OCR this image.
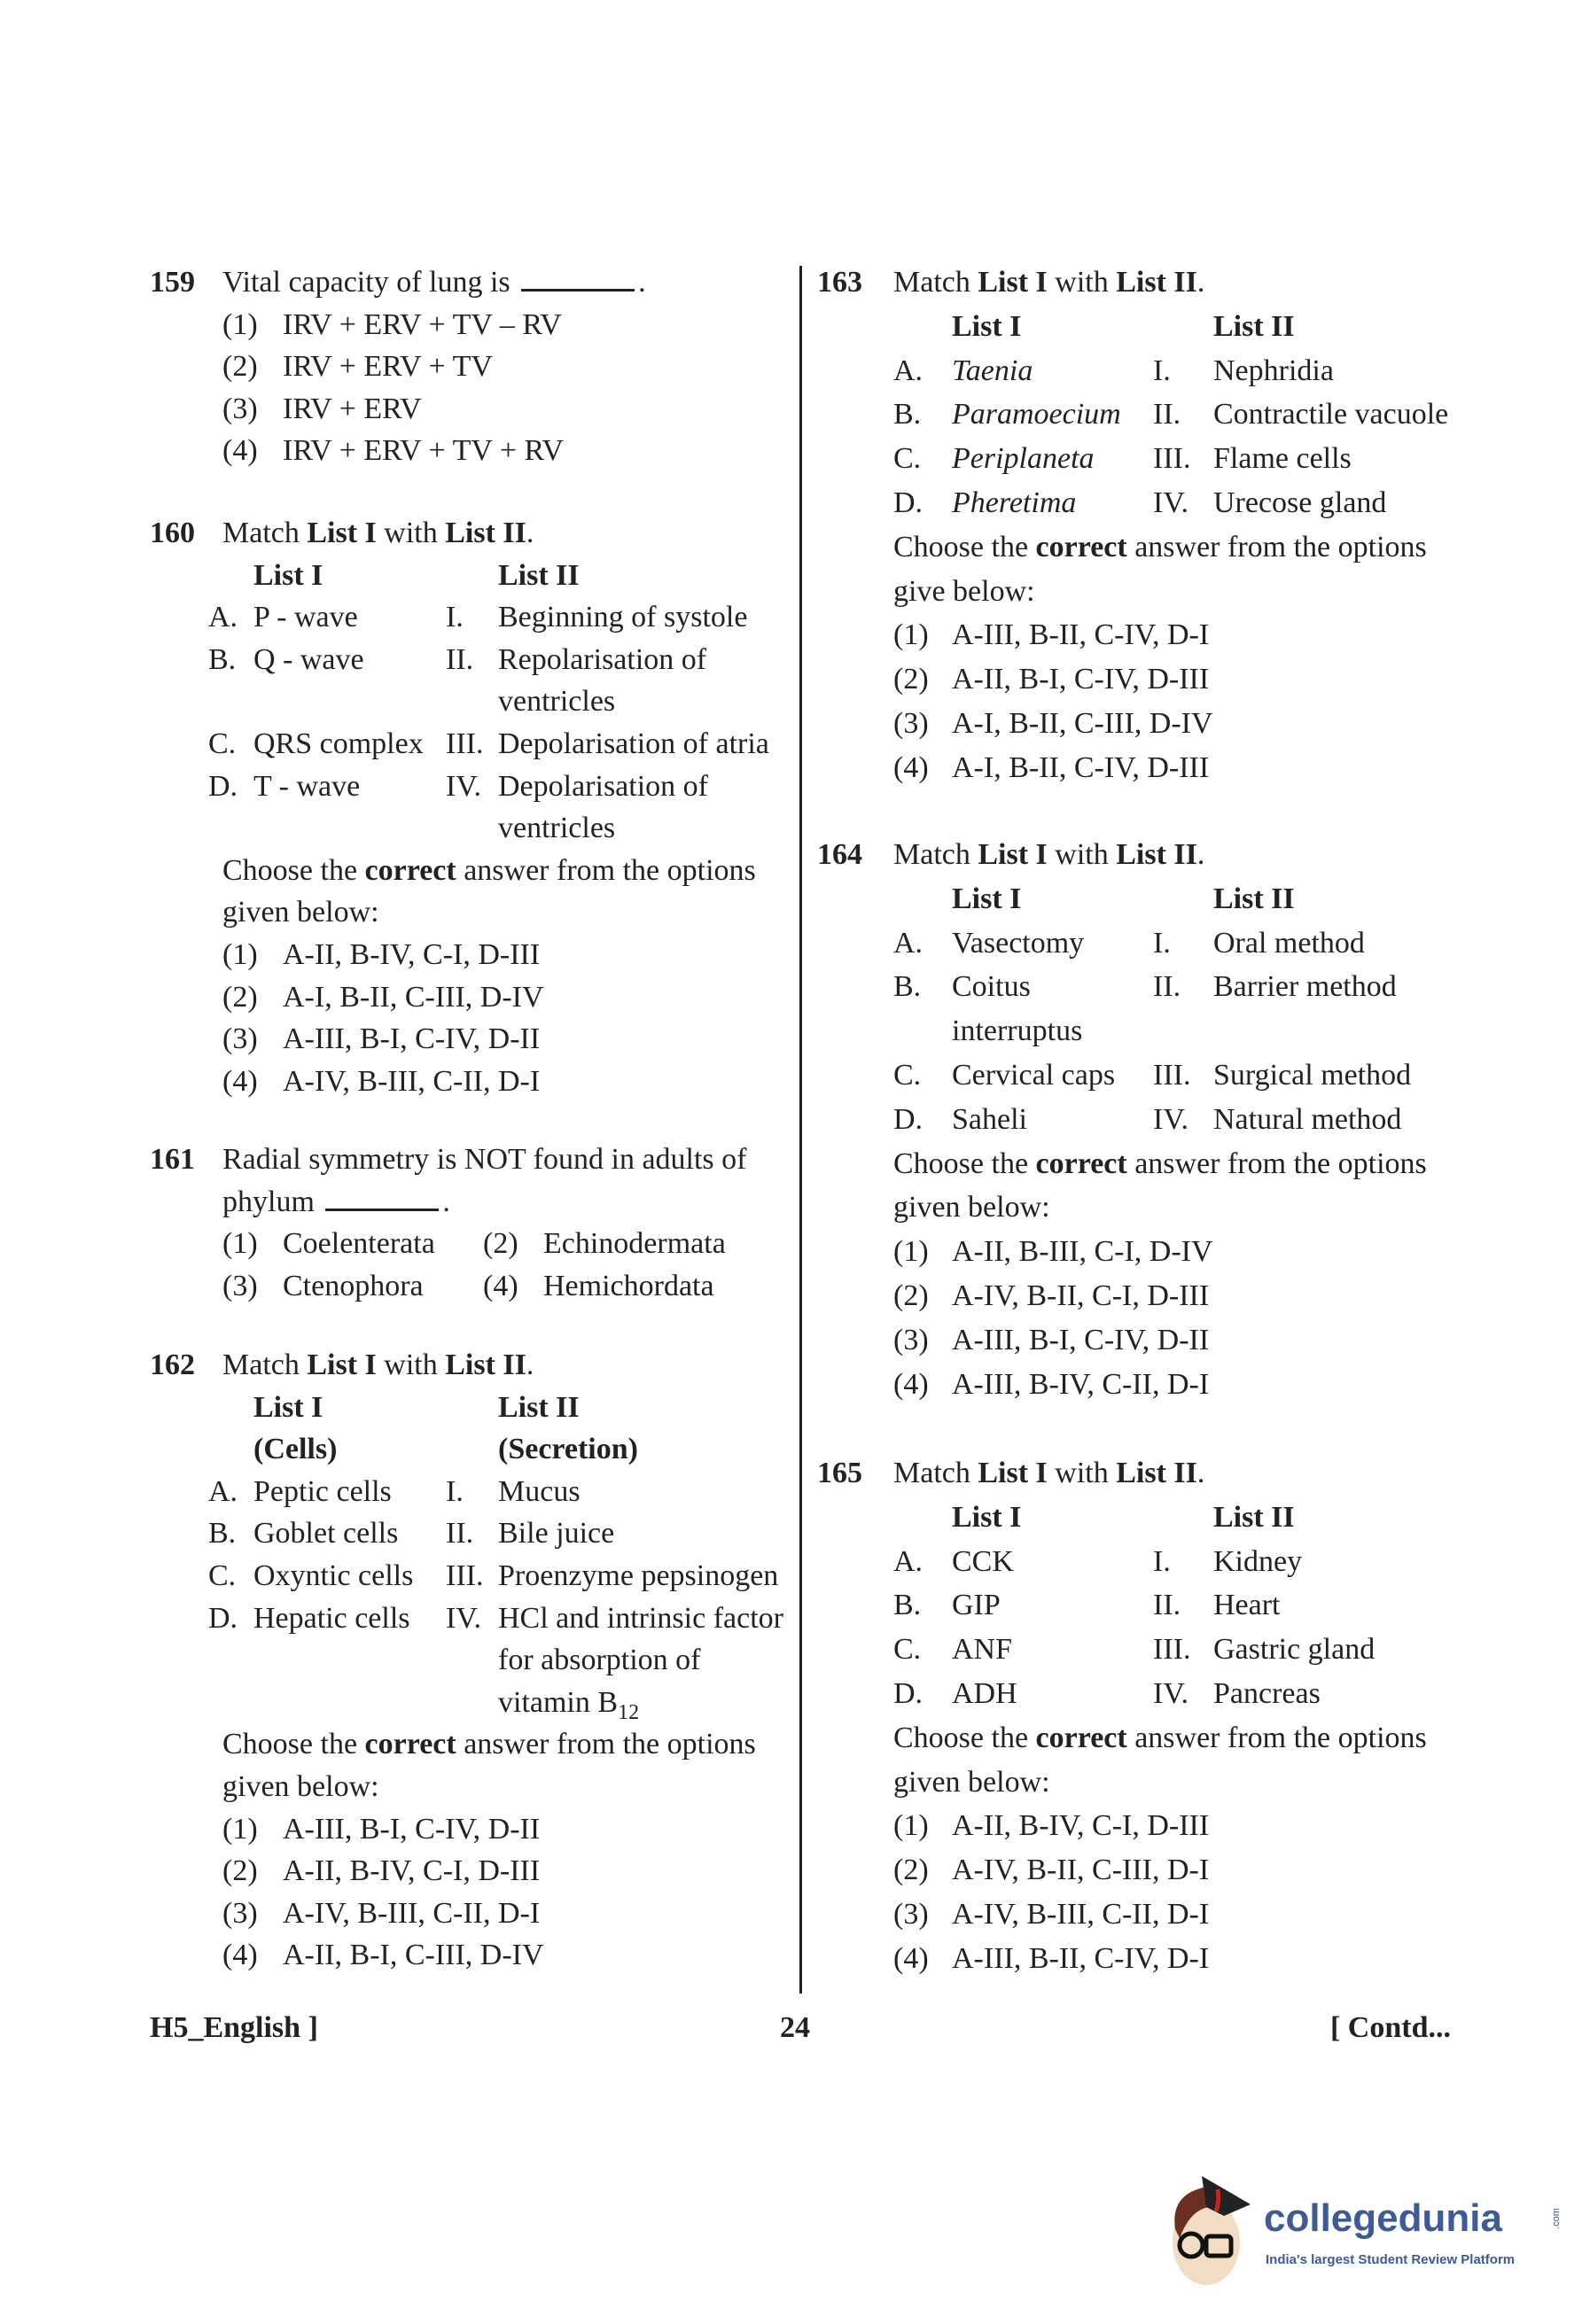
159 Vital capacity of lung is	.
(1) IRV + ERV + TV – RV
(2) IRV + ERV + TV
(3) IRV + ERV
(4) IRV + ERV + TV + RV
160 Match List I with List II.
List I	List II
A. P - wave	I. Beginning of systole
B. Q - wave	II. Repolarisation of
ventricles
C. QRS complex III. Depolarisation of atria
D. T - wave	IV. Depolarisation of
ventricles
Choose the correct answer from the options
given below:
(1) A-II, B-IV, C-I, D-III
(2) A-I, B-II, C-III, D-IV
(3) A-III, B-I, C-IV, D-II
(4) A-IV, B-III, C-II, D-I
161 Radial symmetry is NOT found in adults of
phylum	.
(1) Coelenterata (2) Echinodermata
(3) Ctenophora (4) Hemichordata
162 Match List I with List II.
List I	List II
(Cells)	(Secretion)
A. Peptic cells I. Mucus
B. Goblet cells II. Bile juice
C. Oxyntic cells III. Proenzyme pepsinogen
D. Hepatic cells IV. HCl and intrinsic factor
for absorption of
vitamin $B_{12}$
Choose the correct answer from the options
given below:
(1) A-III, B-I, C-IV, D-II
(2) A-II, B-IV, C-I, D-III
(3) A-IV, B-III, C-II, D-I
(4) A-II, B-I, C-III, D-IV
163 Match List I with List II.
List I	List II
A. Taenia	I. Nephridia
B. Paramoecium II. Contractile vacuole
C. Periplaneta III. Flame cells
D. Pheretima	IV. Urecose gland
Choose the correct answer from the options
give below:
(1) A-III, B-II, C-IV, D-I
(2) A-II, B-I, C-IV, D-III
(3) A-I, B-II, C-III, D-IV
(4) A-I, B-II, C-IV, D-III
164 Match List I with List II.
List I	List II
A. Vasectomy I. Oral method
B. Coitus
interruptus
II. Barrier method
C. Cervical caps III. Surgical method
D. Saheli	IV. Natural method
Choose the correct answer from the options
given below:
(1) A-II, B-III, C-I, D-IV
(2) A-IV, B-II, C-I, D-III
(3) A-III, B-I, C-IV, D-II
(4) A-III, B-IV, C-II, D-I
165 Match List I with List II.
List I	List II
A. CCK	I. Kidney
B. GIP	II. Heart
C. ANF	III. Gastric gland
D. ADH	IV. Pancreas
Choose the correct answer from the options
given below:
(1) A-II, B-IV, C-I, D-III
(2) A-IV, B-II, C-III, D-I
(3) A-IV, B-III, C-II, D-I
(4) A-III, B-II, C-IV, D-I
H5_English ]	24	[ Contd...
collegedunia	.com
India's largest Student Review Platform
